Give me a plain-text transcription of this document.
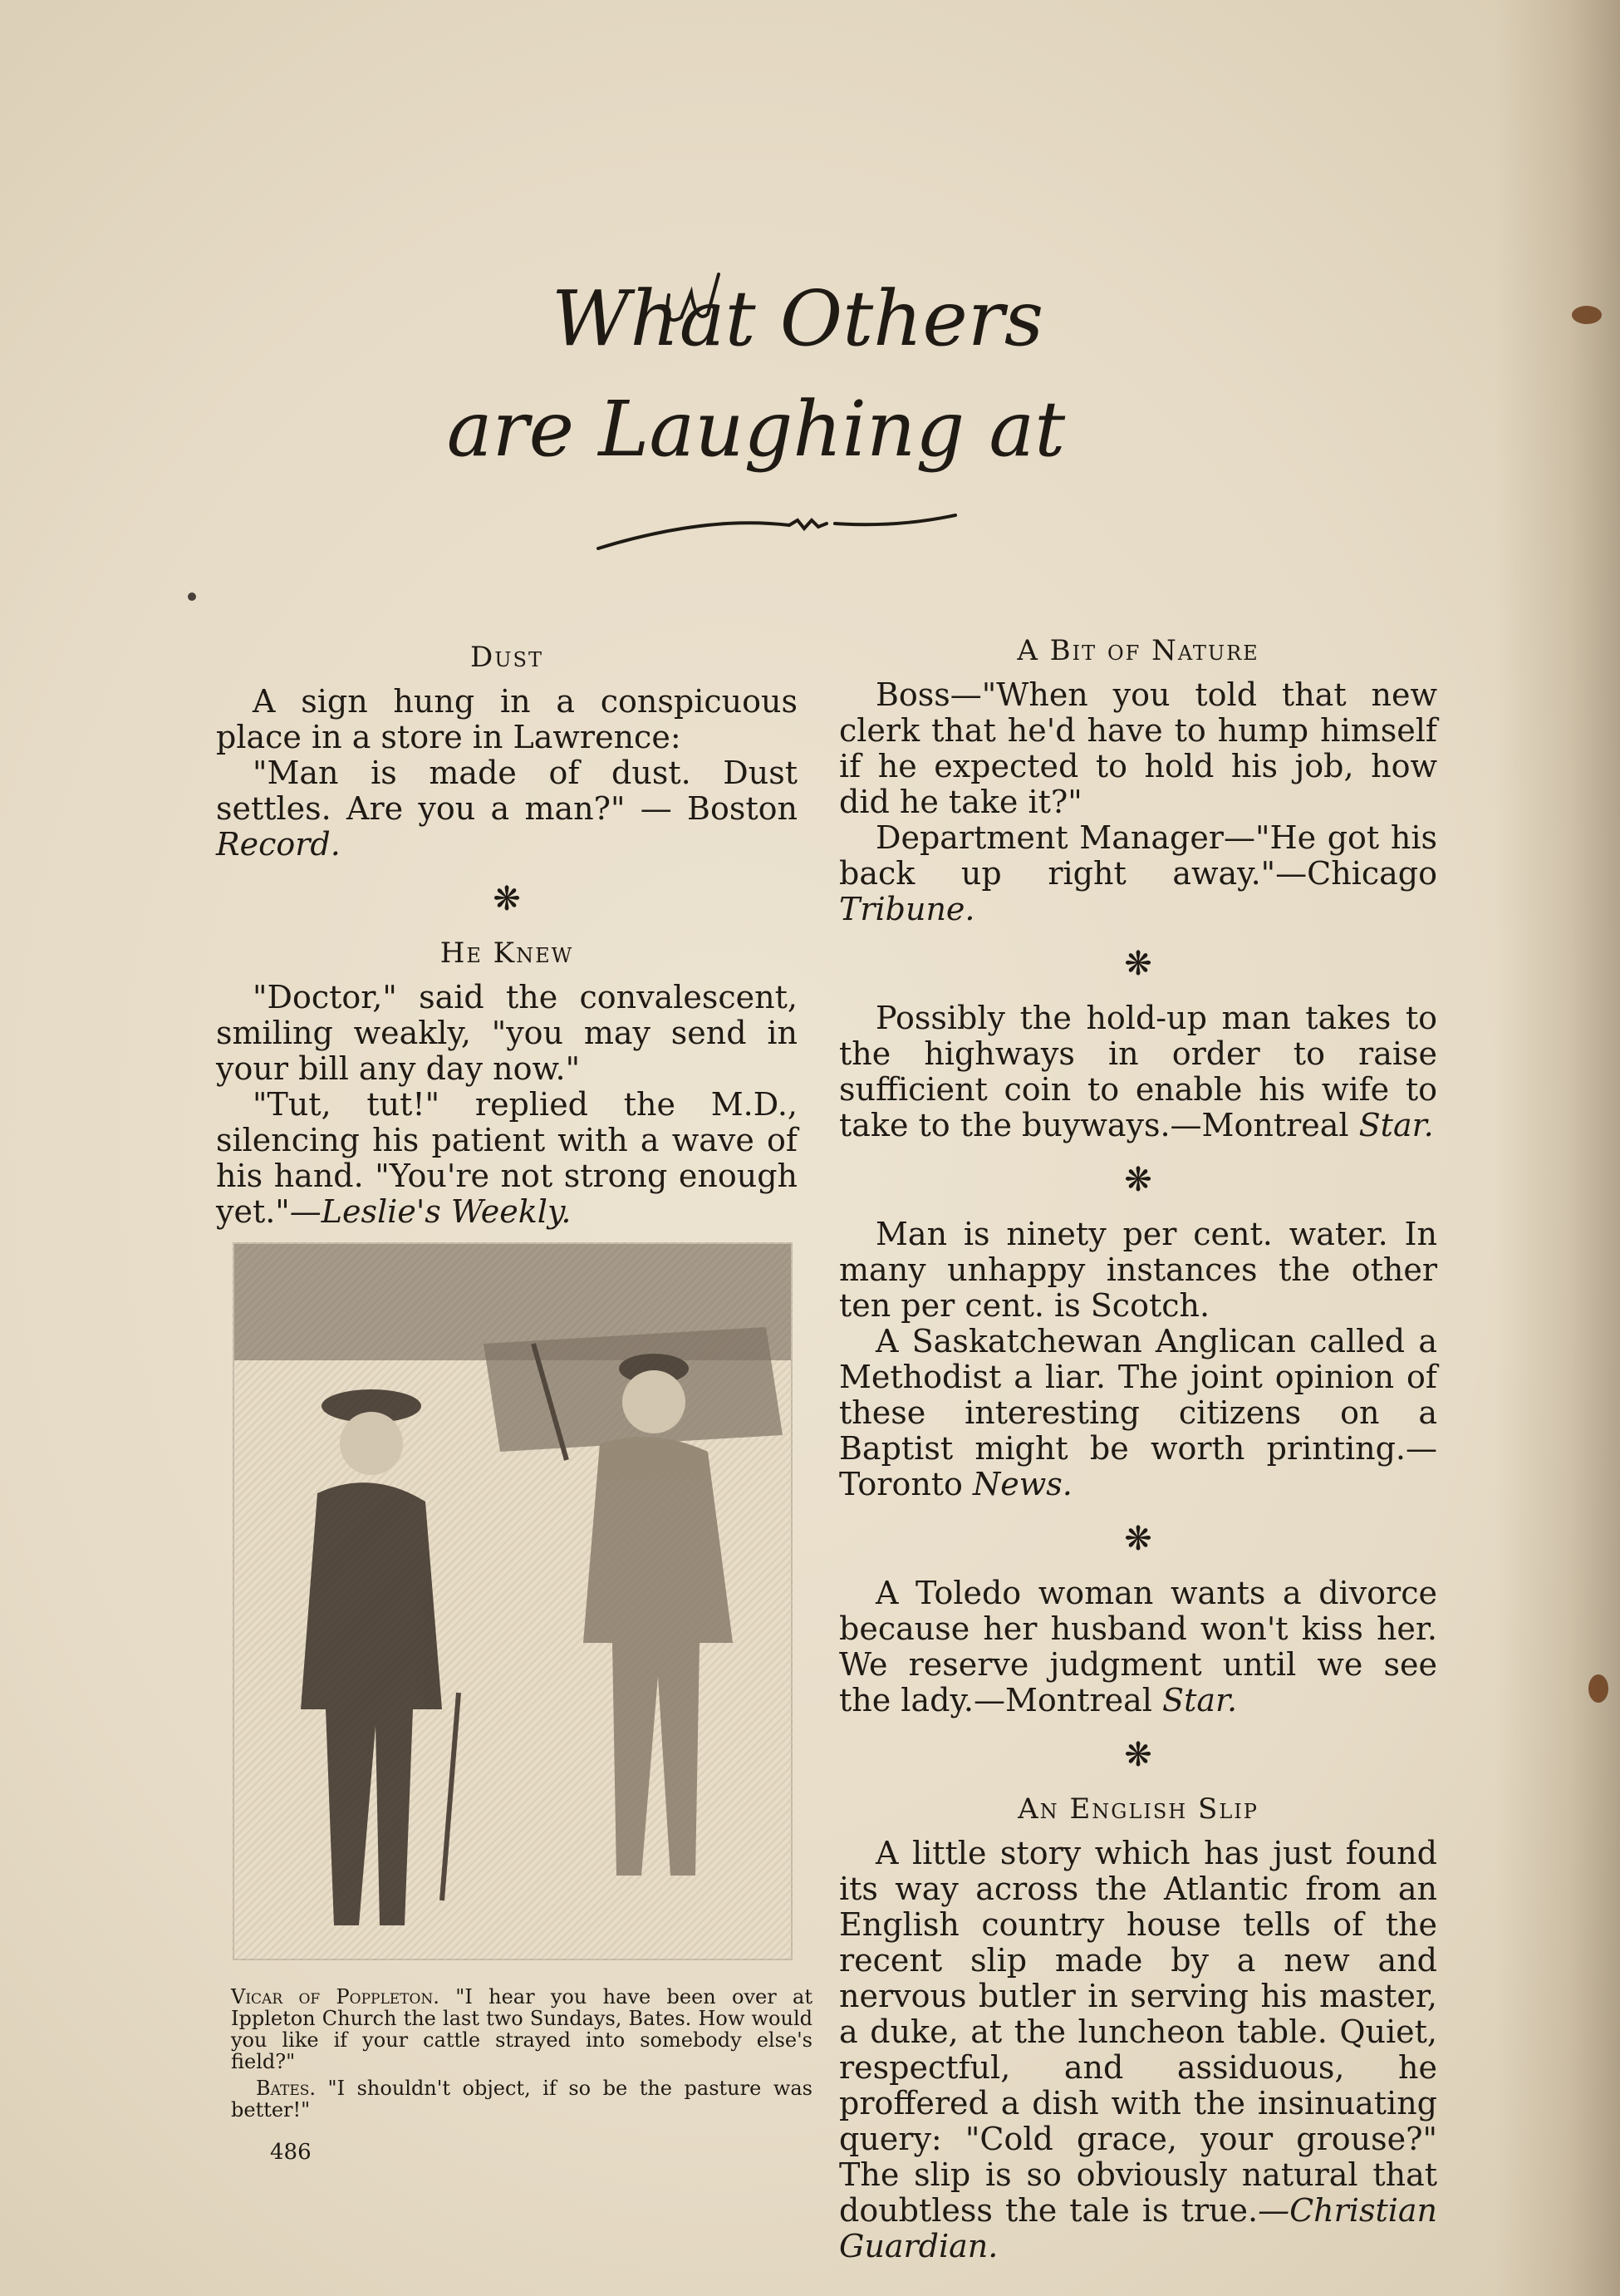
What Others
are Laughing at
Dust

A sign hung in a conspicuous place in a store in Lawrence:

"Man is made of dust. Dust settles. Are you a man?" — Boston Record.

❋
He Knew

"Doctor," said the convalescent, smiling weakly, "you may send in your bill any day now."

"Tut, tut!" replied the M.D., silencing his patient with a wave of his hand. "You're not strong enough yet."—Leslie's Weekly.

Vicar of Poppleton. "I hear you have been over at Ippleton Church the last two Sundays, Bates. How would you like if your cattle strayed into somebody else's field?"

Bates. "I shouldn't object, if so be the pasture was better!"

486
A Bit of Nature

Boss—"When you told that new clerk that he'd have to hump himself if he expected to hold his job, how did he take it?"

Department Manager—"He got his back up right away."—Chicago Tribune.

❋

Possibly the hold-up man takes to the highways in order to raise sufficient coin to enable his wife to take to the buyways.—Montreal Star.

❋

Man is ninety per cent. water. In many unhappy instances the other ten per cent. is Scotch.

A Saskatchewan Anglican called a Methodist a liar. The joint opinion of these interesting citizens on a Baptist might be worth printing.—Toronto News.

❋

A Toledo woman wants a divorce because her husband won't kiss her. We reserve judgment until we see the lady.—Montreal Star.

❋
An English Slip

A little story which has just found its way across the Atlantic from an English country house tells of the recent slip made by a new and nervous butler in serving his master, a duke, at the luncheon table. Quiet, respectful, and assiduous, he proffered a dish with the insinuating query: "Cold grace, your grouse?" The slip is so obviously natural that doubtless the tale is true.—Christian Guardian.
